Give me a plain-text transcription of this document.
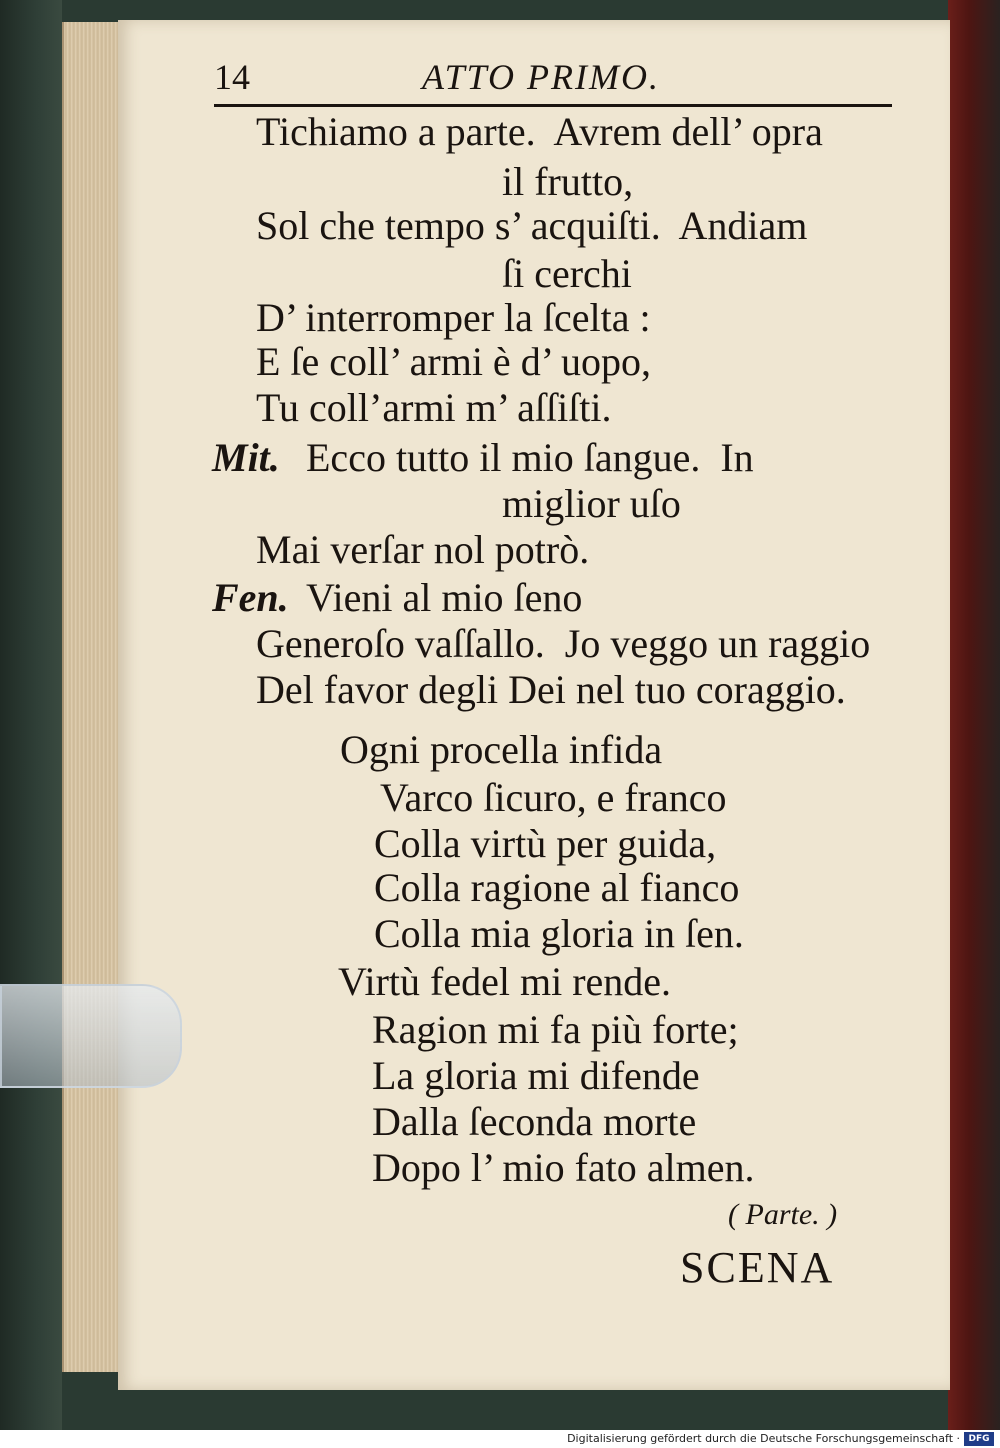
14	ATTO PRIMO.
Tichiamo a parte.  Avrem dell’ opra
il frutto,
Sol che tempo s’ acquiſti.  Andiam
ſi cerchi
D’ interromper la ſcelta :
E ſe coll’ armi è d’ uopo,
Tu coll’armi m’ aſſiſti.
Mit. Ecco tutto il mio ſangue.  In
miglior uſo
Mai verſar nol potrò.
Fen. Vieni al mio ſeno
Generoſo vaſſallo.  Jo veggo un raggio
Del favor degli Dei nel tuo coraggio.
Ogni procella infida
Varco ſicuro, e franco
Colla virtù per guida,
Colla ragione al fianco
Colla mia gloria in ſen.
Virtù fedel mi rende.
Ragion mi fa più forte;
La gloria mi difende
Dalla ſeconda morte
Dopo l’ mio fato almen.
( Parte. )
SCENA
Digitalisierung gefördert durch die Deutsche Forschungsgemeinschaft · DFG
